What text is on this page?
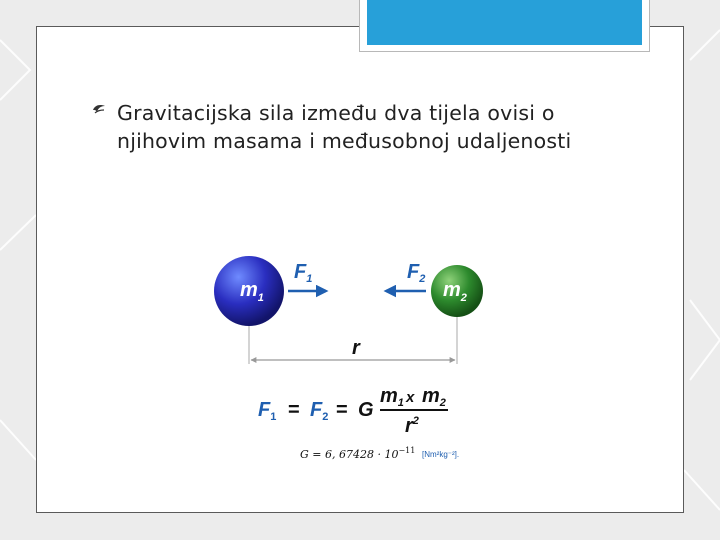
Gravitacijska sila između dva tijela ovisi o njihovim masama i međusobnoj udaljenosti
$m_1$	$m_2$
$F_1$	$F_2$
r
$F_1 = F_2 = G$
$m_1$ x $m_2$
$r^2$
G = 6, $67428 \cdot 10^{-11}$ [Nm²kg⁻²].
